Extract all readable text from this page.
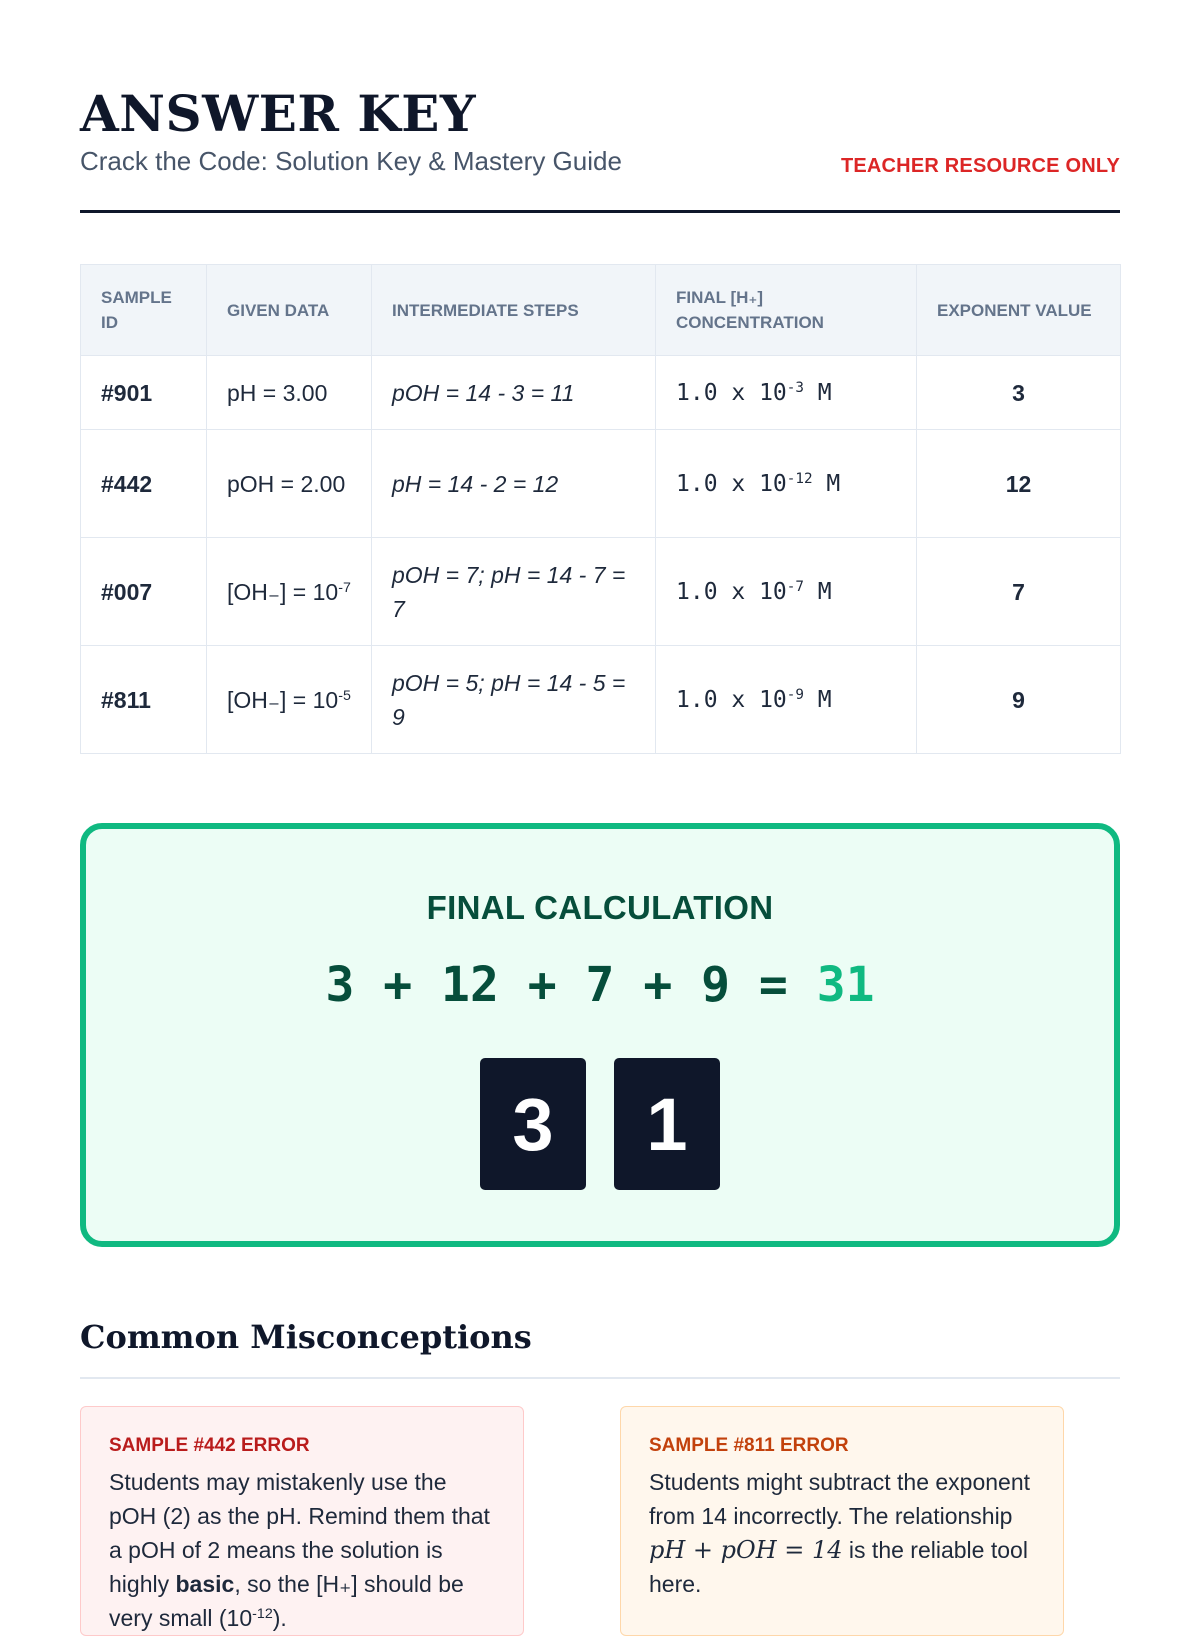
ANSWER KEY
Crack the Code: Solution Key & Mastery Guide	TEACHER RESOURCE ONLY
SAMPLE ID	GIVEN DATA	INTERMEDIATE STEPS	FINAL [H₊] CONCENTRATION	EXPONENT VALUE
#901	pH = 3.00	pOH = 14 - 3 = 11	1.0 x $10^{-3}$ M	3
#442	pOH = 2.00	pH = 14 - 2 = 12	1.0 x $10^{-12}$ M	12
#007	$[OH_-] = 10^{-7}$	pOH = 7; pH = 14 - 7 = 7	1.0 x $10^{-7}$ M	7
#811	$[OH_-] = 10^{-5}$	pOH = 5; pH = 14 - 5 = 9	1.0 x $10^{-9}$ M	9
FINAL CALCULATION
3 + 12 + 7 + 9 = 31
3	1
Common Misconceptions
SAMPLE #442 ERROR
Students may mistakenly use the pOH (2) as the pH. Remind them that a pOH of 2 means the solution is highly basic, so the [H₊] should be very small $(10^{-12})$.
SAMPLE #811 ERROR
Students might subtract the exponent from 14 incorrectly. The relationship pH + pOH = 14 is the reliable tool here.
